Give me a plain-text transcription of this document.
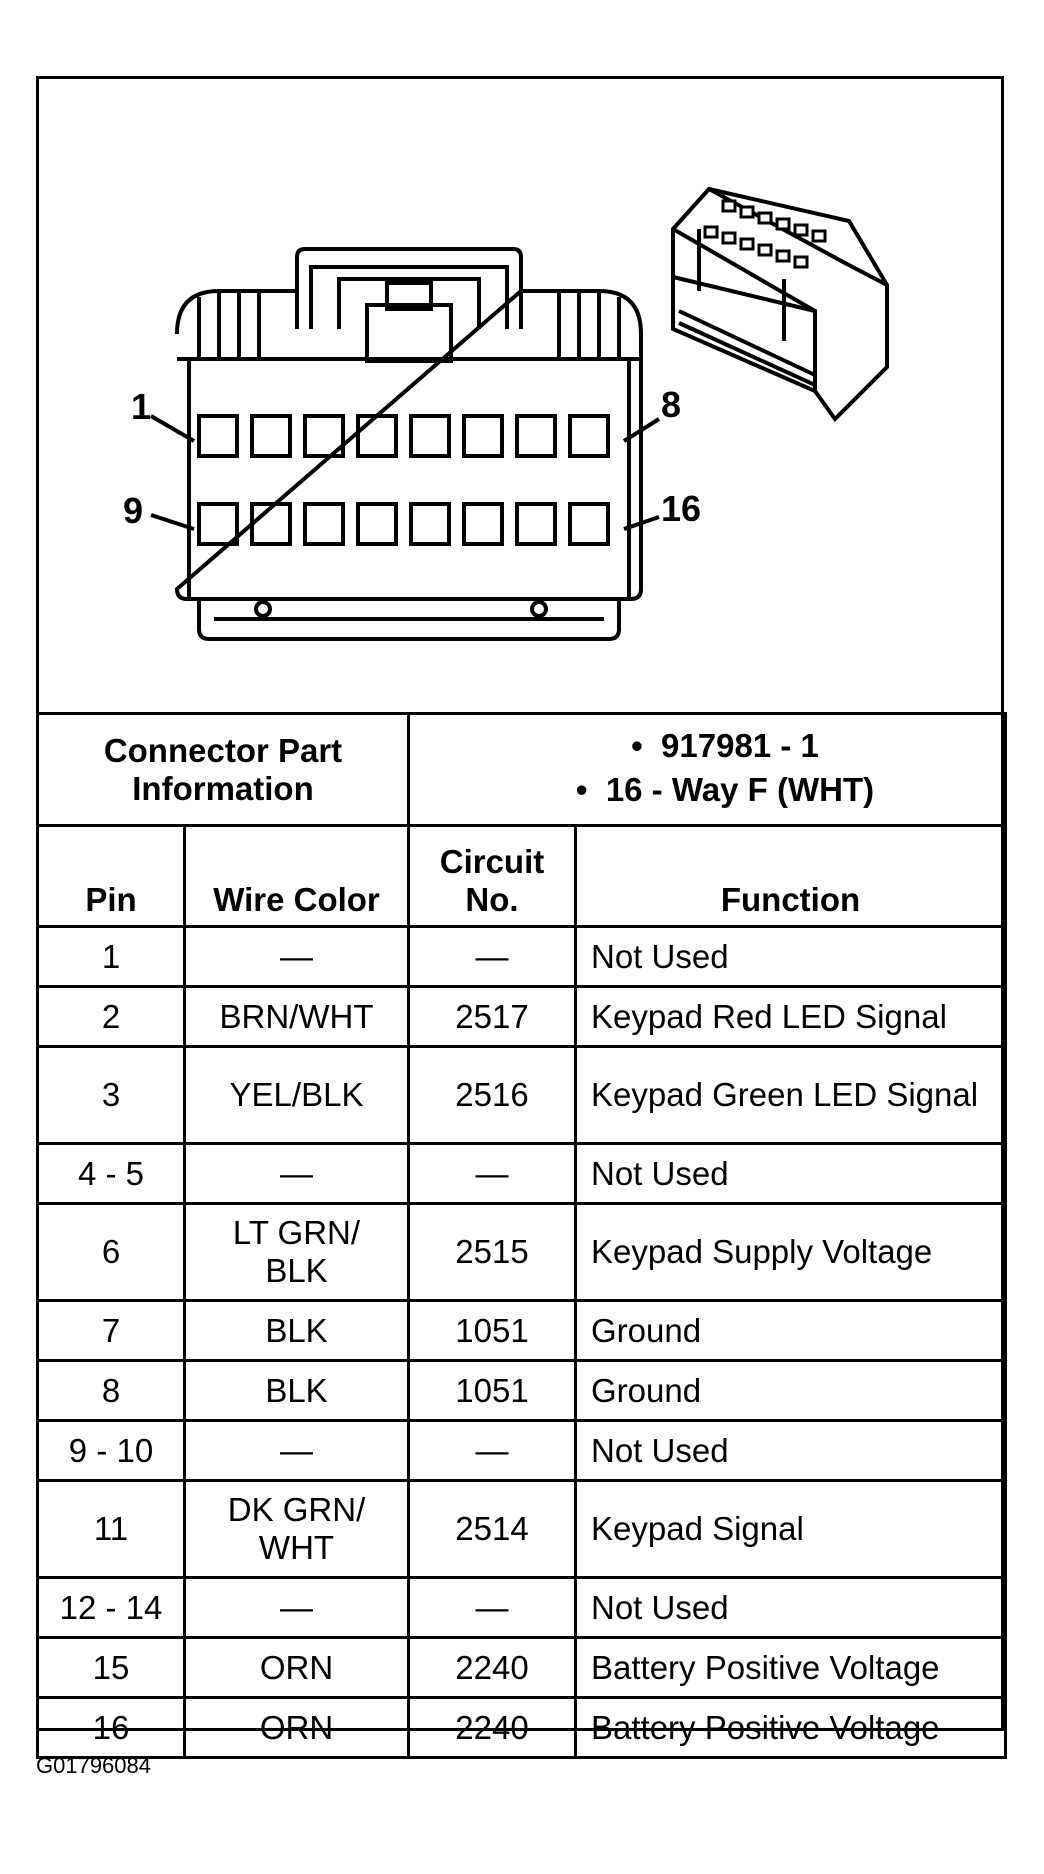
1	8
9	16
Connector Part Information		•  917981 - 1
•  16 - Way F (WHT)	

Pin	Wire Color	Circuit No.	Function
1	—	—	Not Used
2	BRN/WHT	2517	Keypad Red LED Signal
3	YEL/BLK	2516	Keypad Green LED Signal
4 - 5	—	—	Not Used
6	LT GRN/ BLK	2515	Keypad Supply Voltage
7	BLK	1051	Ground
8	BLK	1051	Ground
9 - 10	—	—	Not Used
11	DK GRN/ WHT	2514	Keypad Signal
12 - 14	—	—	Not Used
15	ORN	2240	Battery Positive Voltage
16	ORN	2240	Battery Positive Voltage
G01796084
